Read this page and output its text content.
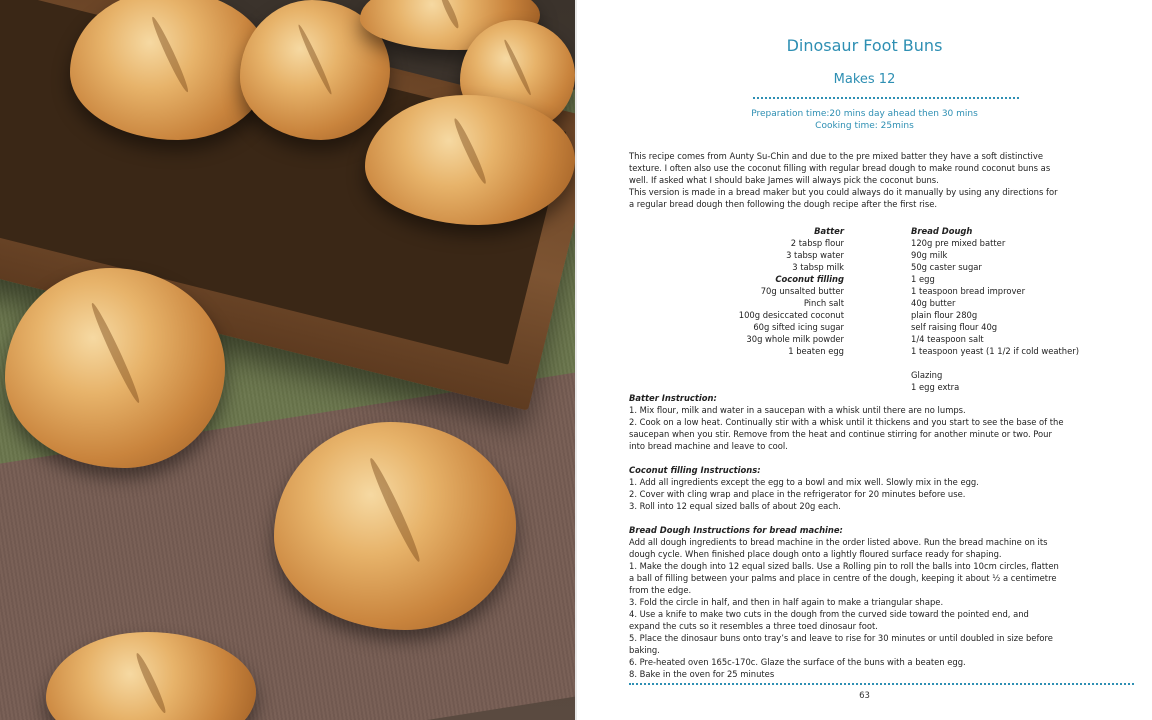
Dinosaur Foot Buns
Makes 12
Preparation time:20 mins day ahead then 30 mins
Cooking time: 25mins
This recipe comes from Aunty Su-Chin and due to the pre mixed batter they have a soft distinctive
texture. I often also use the coconut filling with regular bread dough to make round coconut buns as
well. If asked what I should bake James will always pick the coconut buns.
This version is made in a bread maker but you could always do it manually by using any directions for
a regular bread dough then following the dough recipe after the first rise.
Batter
2 tabsp flour
3 tabsp water
3 tabsp milk
Coconut filling
70g unsalted butter
Pinch salt
100g desiccated coconut
60g sifted icing sugar
30g whole milk powder
1 beaten egg
Bread Dough
120g pre mixed batter
90g milk
50g caster sugar
1 egg
1 teaspoon bread improver
40g butter
plain flour 280g
self raising flour 40g
1/4 teaspoon salt
1 teaspoon yeast (1 1/2 if cold weather)
Glazing
1 egg extra
Batter Instruction:
1. Mix flour, milk and water in a saucepan with a whisk until there are no lumps.
2. Cook on a low heat. Continually stir with a whisk until it thickens and you start to see the base of the
saucepan when you stir. Remove from the heat and continue stirring for another minute or two. Pour
into bread machine and leave to cool.
Coconut filling Instructions:
1. Add all ingredients except the egg to a bowl and mix well. Slowly mix in the egg.
2. Cover with cling wrap and place in the refrigerator for 20 minutes before use.
3. Roll into 12 equal sized balls of about 20g each.
Bread Dough Instructions for bread machine:
Add all dough ingredients to bread machine in the order listed above. Run the bread machine on its
dough cycle. When finished place dough onto a lightly floured surface ready for shaping.
1. Make the dough into 12 equal sized balls. Use a Rolling pin to roll the balls into 10cm circles, flatten
a ball of filling between your palms and place in centre of the dough, keeping it about ½ a centimetre
from the edge.
3. Fold the circle in half, and then in half again to make a triangular shape.
4. Use a knife to make two cuts in the dough from the curved side toward the pointed end, and
expand the cuts so it resembles a three toed dinosaur foot.
5. Place the dinosaur buns onto tray’s and leave to rise for 30 minutes or until doubled in size before
baking.
6. Pre-heated oven 165c-170c. Glaze the surface of the buns with a beaten egg.
8. Bake in the oven for 25 minutes
63
